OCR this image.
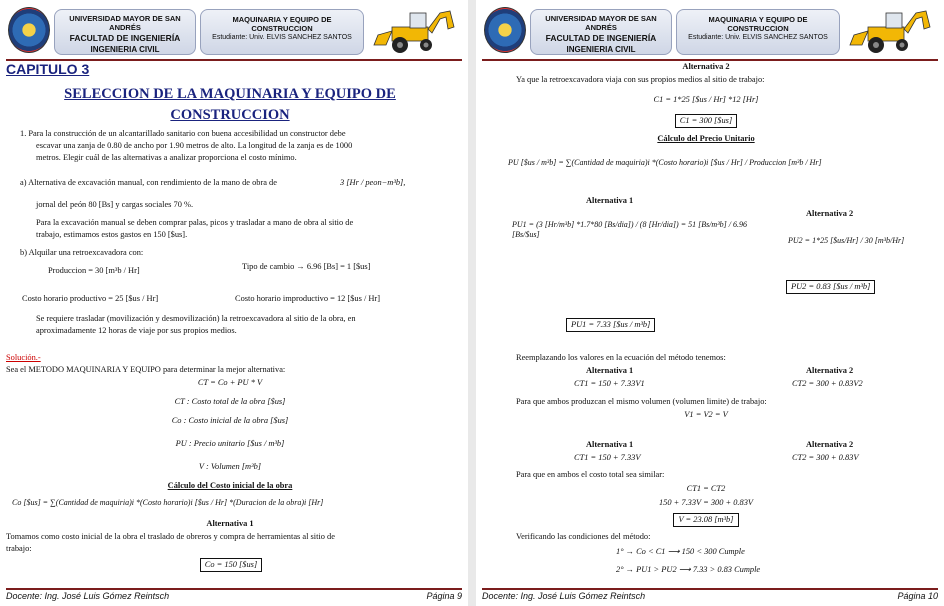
UNIVERSIDAD MAYOR DE SAN ANDRÉS
FACULTAD DE INGENIERÍA
INGENIERIA CIVIL
MAQUINARIA Y EQUIPO DE
CONSTRUCCION
Estudiante: Univ. ELVIS SANCHEZ SANTOS
CAPITULO 3
SELECCION DE LA MAQUINARIA Y EQUIPO DE
CONSTRUCCION
1. Para la construcción de un alcantarillado sanitario con buena accesibilidad un constructor debe
escavar una zanja de 0.80 de ancho por 1.90 metros de alto. La longitud de la zanja es de 1000
metros. Elegir cuál de las alternativas a analizar proporciona el costo mínimo.
a) Alternativa de excavación manual, con rendimiento de la mano de obra de	3 [Hr / peon−m³b],
jornal del peón 80 [Bs] y cargas sociales 70 %.
Para la excavación manual se deben comprar palas, picos y trasladar a mano de obra al sitio de
trabajo, estimamos estos gastos en 150 [$us].
b) Alquilar una retroexcavadora con:
Produccion = 30 [m³b / Hr]	Tipo de cambio → 6.96 [Bs] = 1 [$us]
Costo horario productivo = 25 [$us / Hr]	Costo horario improductivo = 12 [$us / Hr]
Se requiere trasladar (movilización y desmovilización) la retroexcavadora al sitio de la obra, en
aproximadamente 12 horas de viaje por sus propios medios.
Solución.-
Sea el METODO MAQUINARIA Y EQUIPO para determinar la mejor alternativa:
CT = Co + PU * V
CT : Costo total de la obra [$us]
Co : Costo inicial de la obra [$us]
PU : Precio unitario [$us / m³b]
V : Volumen [m³b]
Cálculo del Costo inicial de la obra
Co [$us] = ∑(Cantidad de maquiria)i *(Costo horario)i [$us / Hr] *(Duracion de la obra)i [Hr]
Alternativa 1
Tomamos como costo inicial de la obra el traslado de obreros y compra de herramientas al sitio de
trabajo:
Co = 150 [$us]
Docente: Ing. José Luis Gómez Reintsch	Página 9
UNIVERSIDAD MAYOR DE SAN ANDRÉS
FACULTAD DE INGENIERÍA
INGENIERIA CIVIL
MAQUINARIA Y EQUIPO DE
CONSTRUCCION
Estudiante: Univ. ELVIS SANCHEZ SANTOS
Alternativa 2
Ya que la retroexcavadora viaja con sus propios medios al sitio de trabajo:
C1 = 1*25 [$us / Hr] *12 [Hr]
C1 = 300 [$us]
Cálculo del Precio Unitario
PU [$us / m³b] = ∑(Cantidad de maquiria)i *(Costo horario)i [$us / Hr] / Produccion [m³b / Hr]
Alternativa 1
Alternativa 2
PU1 = (3 [Hr/m³b] *1.7*80 [Bs/dia]) / (8 [Hr/dia]) = 51 [Bs/m³b] / 6.96 [Bs/$us]
PU2 = 1*25 [$us/Hr] / 30 [m³b/Hr]
PU2 = 0.83 [$us / m³b]
PU1 = 7.33 [$us / m³b]
Reemplazando los valores en la ecuación del método tenemos:
Alternativa 1	Alternativa 2
CT1 = 150 + 7.33V1	CT2 = 300 + 0.83V2
Para que ambos produzcan el mismo volumen (volumen limite) de trabajo:
V1 = V2 = V
Alternativa 1	Alternativa 2
CT1 = 150 + 7.33V	CT2 = 300 + 0.83V
Para que en ambos el costo total sea similar:
CT1 = CT2
150 + 7.33V = 300 + 0.83V
V = 23.08 [m³b]
Verificando las condiciones del método:
1° → Co < C1 ⟶ 150 < 300 Cumple
2° → PU1 > PU2 ⟶ 7.33 > 0.83 Cumple
Docente: Ing. José Luis Gómez Reintsch	Página 10
